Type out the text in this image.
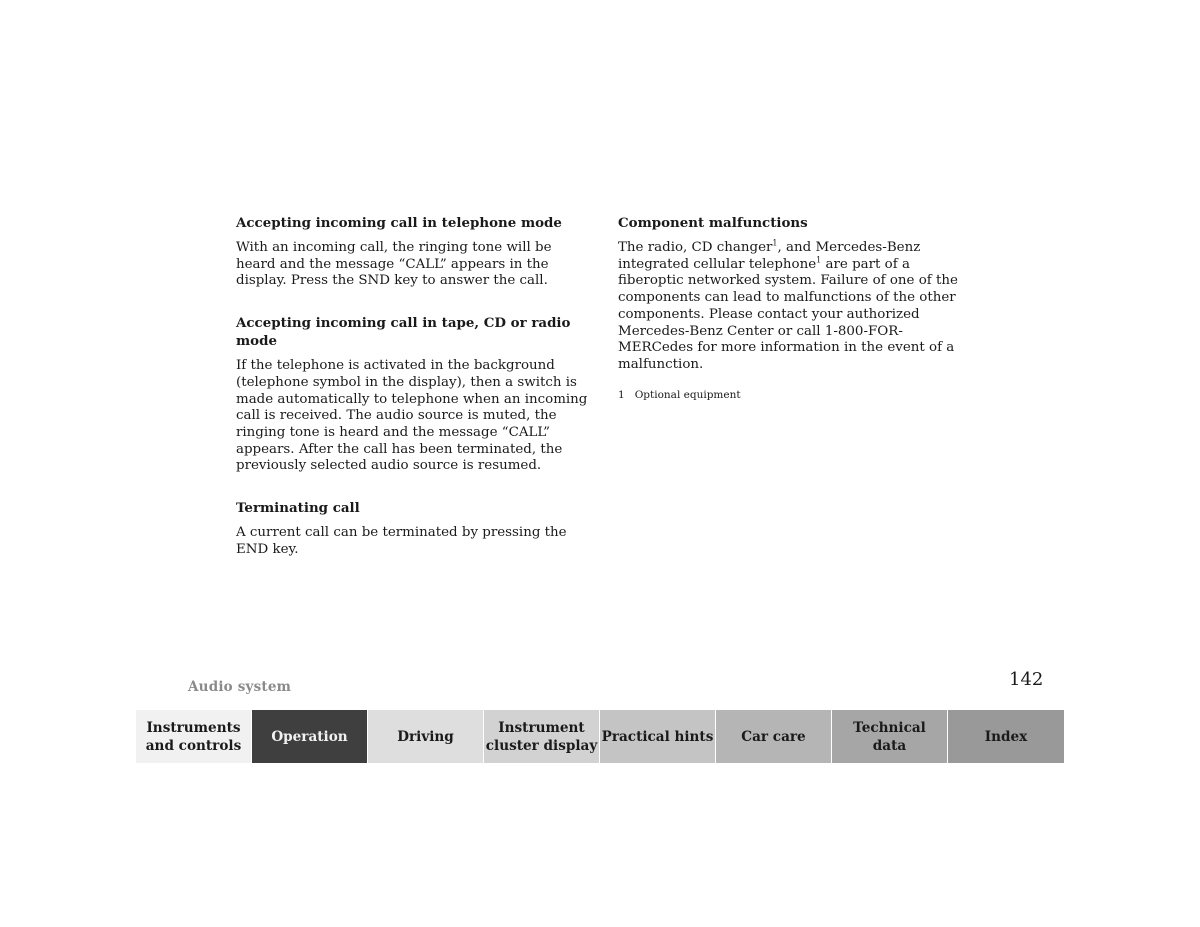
Accepting incoming call in telephone mode
With an incoming call, the ringing tone will be heard and the message “CALL” appears in the display. Press the SND key to answer the call.
Accepting incoming call in tape, CD or radio mode
If the telephone is activated in the background (telephone symbol in the display), then a switch is made automatically to telephone when an incoming call is received. The audio source is muted, the ringing tone is heard and the message “CALL” appears. After the call has been terminated, the previously selected audio source is resumed.
Terminating call
A current call can be terminated by pressing the END key.
Component malfunctions
The radio, CD changer$^1$, and Mercedes-Benz integrated cellular telephone$^1$ are part of a fiberoptic networked system. Failure of one of the components can lead to malfunctions of the other components. Please contact your authorized Mercedes-Benz Center or call 1-800-FOR-MERCedes for more information in the event of a malfunction.
1 Optional equipment
Audio system	142
Instruments
and controls
Operation	Driving
Instrument
cluster display
Practical hints	Car care
Technical
data
Index
